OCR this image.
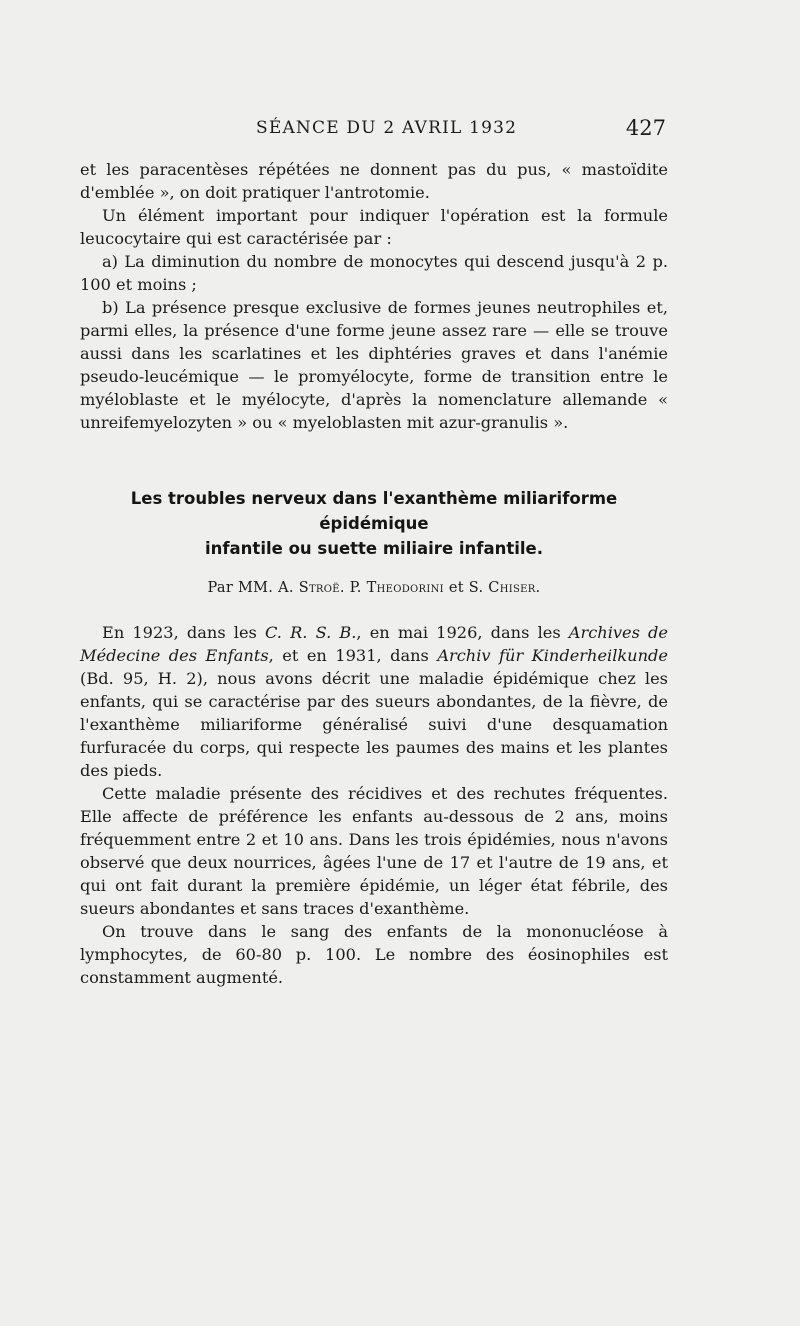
SÉANCE DU 2 AVRIL 1932	427

et les paracentèses répétées ne donnent pas du pus, « mastoïdite d'emblée », on doit pratiquer l'antrotomie.

Un élément important pour indiquer l'opération est la formule leucocytaire qui est caractérisée par :

a) La diminution du nombre de monocytes qui descend jusqu'à 2 p. 100 et moins ;

b) La présence presque exclusive de formes jeunes neutrophiles et, parmi elles, la présence d'une forme jeune assez rare — elle se trouve aussi dans les scarlatines et les diphtéries graves et dans l'anémie pseudo-leucémique — le promyélocyte, forme de transition entre le myéloblaste et le myélocyte, d'après la nomenclature allemande « unreifemyelozyten » ou « myeloblasten mit azur-granulis ».

Les troubles nerveux dans l'exanthème miliariforme épidémique
infantile ou suette miliaire infantile.
Par MM. A. Stroë. P. Theodorini et S. Chiser.

En 1923, dans les C. R. S. B., en mai 1926, dans les Archives de Médecine des Enfants, et en 1931, dans Archiv für Kinderheilkunde (Bd. 95, H. 2), nous avons décrit une maladie épidémique chez les enfants, qui se caractérise par des sueurs abondantes, de la fièvre, de l'exanthème miliariforme généralisé suivi d'une desquamation furfuracée du corps, qui respecte les paumes des mains et les plantes des pieds.

Cette maladie présente des récidives et des rechutes fréquentes. Elle affecte de préférence les enfants au-dessous de 2 ans, moins fréquemment entre 2 et 10 ans. Dans les trois épidémies, nous n'avons observé que deux nourrices, âgées l'une de 17 et l'autre de 19 ans, et qui ont fait durant la première épidémie, un léger état fébrile, des sueurs abondantes et sans traces d'exanthème.

On trouve dans le sang des enfants de la mononucléose à lymphocytes, de 60-80 p. 100. Le nombre des éosinophiles est constamment augmenté.
